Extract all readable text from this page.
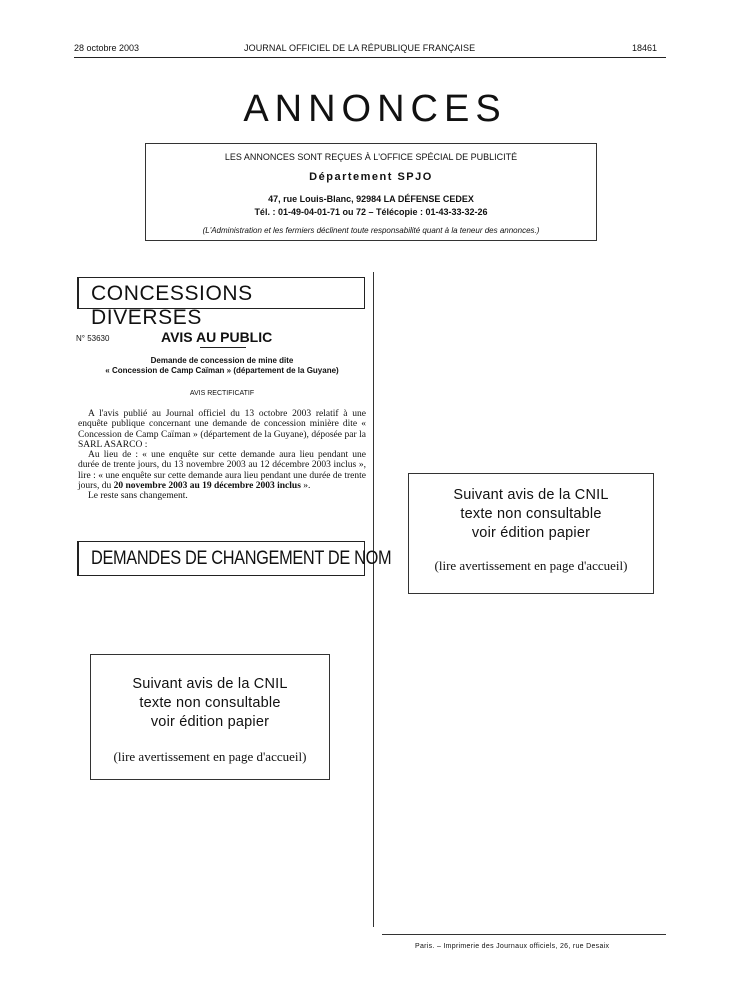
28 octobre 2003	JOURNAL OFFICIEL DE LA RÉPUBLIQUE FRANÇAISE	18461
ANNONCES
LES ANNONCES SONT REÇUES À L'OFFICE SPÉCIAL DE PUBLICITÉ
Département SPJO
47, rue Louis-Blanc, 92984 LA DÉFENSE CEDEX
Tél. : 01-49-04-01-71 ou 72 – Télécopie : 01-43-33-32-26
(L'Administration et les fermiers déclinent toute responsabilité quant à la teneur des annonces.)
CONCESSIONS DIVERSES
N° 53630	AVIS AU PUBLIC
Demande de concession de mine dite
« Concession de Camp Caïman » (département de la Guyane)
AVIS RECTIFICATIF

A l'avis publié au Journal officiel du 13 octobre 2003 relatif à une enquête publique concernant une demande de concession minière dite « Concession de Camp Caïman » (département de la Guyane), déposée par la SARL ASARCO :

Au lieu de : « une enquête sur cette demande aura lieu pendant une durée de trente jours, du 13 novembre 2003 au 12 décembre 2003 inclus », lire : « une enquête sur cette demande aura lieu pendant une durée de trente jours, du 20 novembre 2003 au 19 décembre 2003 inclus ».

Le reste sans changement.

DEMANDES DE CHANGEMENT DE NOM
Suivant avis de la CNIL
texte non consultable
voir édition papier
(lire avertissement en page d'accueil)
Suivant avis de la CNIL
texte non consultable
voir édition papier
(lire avertissement en page d'accueil)
Paris. – Imprimerie des Journaux officiels, 26, rue Desaix
